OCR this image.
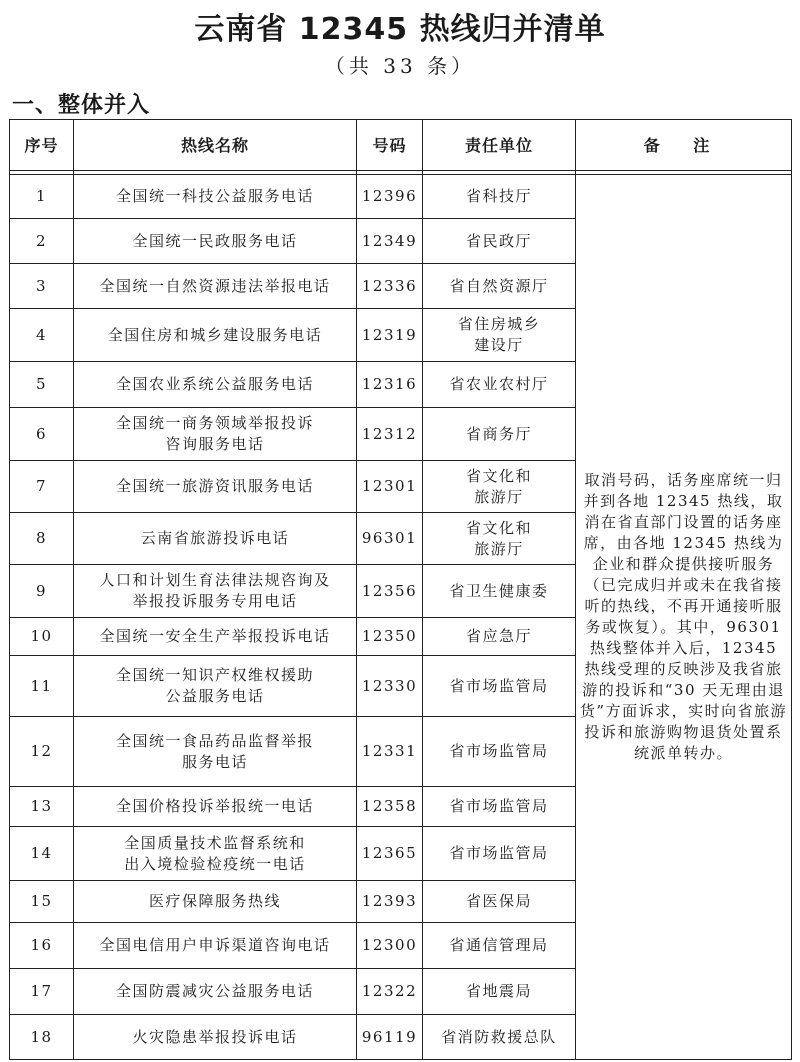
云南省 12345 热线归并清单
（共 33 条）
一、整体并入
序号	热线名称	号码	责任单位	备 注

1	全国统一科技公益服务电话	12396	省科技厅	取消号码，话务座席统一归并到各地 12345 热线，取消在省直部门设置的话务座席，由各地 12345 热线为企业和群众提供接听服务（已完成归并或未在我省接听的热线，不再开通接听服务或恢复）。其中，96301 热线整体并入后，12345 热线受理的反映涉及我省旅游的投诉和“30 天无理由退货”方面诉求，实时向省旅游投诉和旅游购物退货处置系统派单转办。
2	全国统一民政服务电话	12349	省民政厅	
3	全国统一自然资源违法举报电话	12336	省自然资源厅	
4	全国住房和城乡建设服务电话	12319	省住房城乡
建设厅	
5	全国农业系统公益服务电话	12316	省农业农村厅	
6	全国统一商务领域举报投诉
咨询服务电话	12312	省商务厅	
7	全国统一旅游资讯服务电话	12301	省文化和
旅游厅	
8	云南省旅游投诉电话	96301	省文化和
旅游厅	
9	人口和计划生育法律法规咨询及
举报投诉服务专用电话	12356	省卫生健康委	
10	全国统一安全生产举报投诉电话	12350	省应急厅	
11	全国统一知识产权维权援助
公益服务电话	12330	省市场监管局	
12	全国统一食品药品监督举报
服务电话	12331	省市场监管局	
13	全国价格投诉举报统一电话	12358	省市场监管局	
14	全国质量技术监督系统和
出入境检验检疫统一电话	12365	省市场监管局	
15	医疗保障服务热线	12393	省医保局	
16	全国电信用户申诉渠道咨询电话	12300	省通信管理局	
17	全国防震减灾公益服务电话	12322	省地震局	
18	火灾隐患举报投诉电话	96119	省消防救援总队	
